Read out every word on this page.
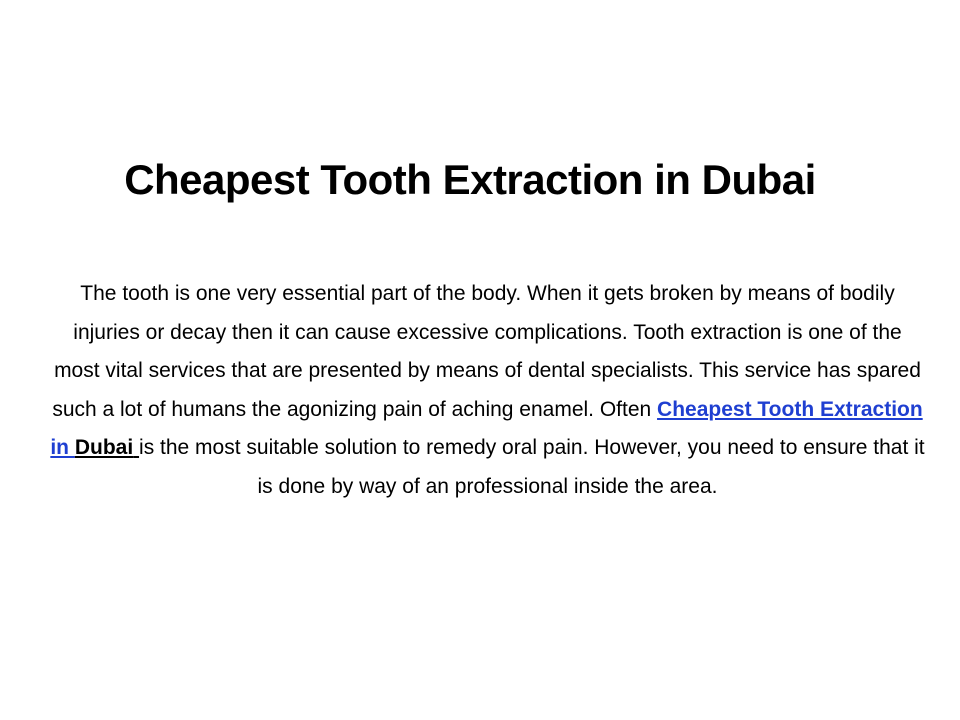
Cheapest Tooth Extraction in Dubai

The tooth is one very essential part of the body. When it gets broken by means of bodily injuries or decay then it can cause excessive complications. Tooth extraction is one of the most vital services that are presented by means of dental specialists. This service has spared such a lot of humans the agonizing pain of aching enamel. Often Cheapest Tooth Extraction in Dubai is the most suitable solution to remedy oral pain. However, you need to ensure that it is done by way of an professional inside the area.
